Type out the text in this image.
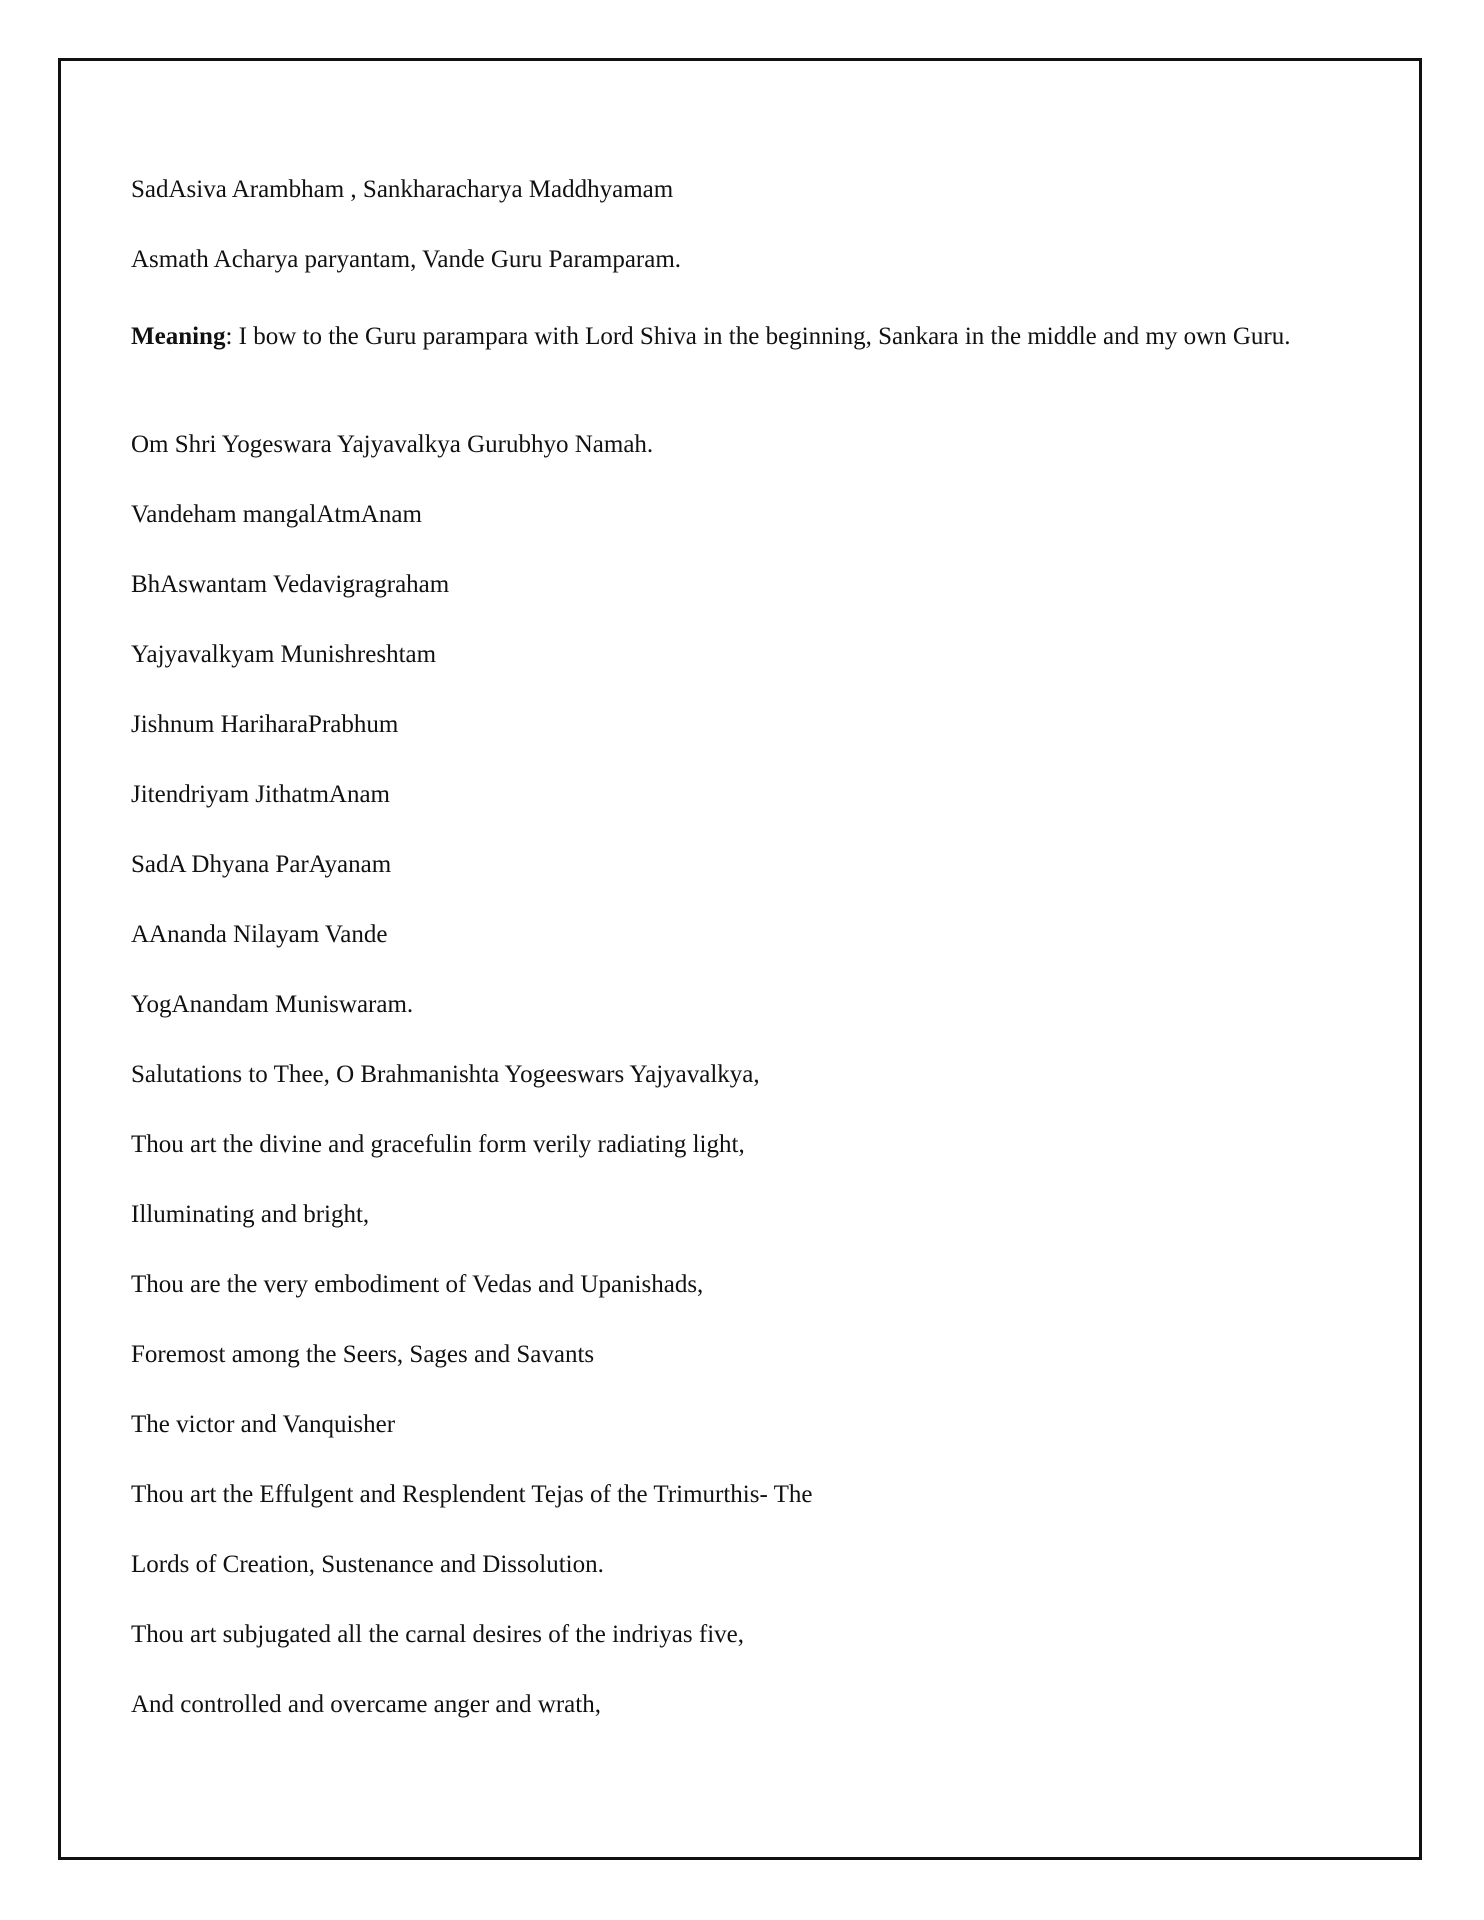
SadAsiva Arambham , Sankharacharya Maddhyamam

Asmath Acharya paryantam, Vande Guru Paramparam.

Meaning: I bow to the Guru parampara with Lord Shiva in the beginning, Sankara in the middle and my own Guru.

Om Shri Yogeswara Yajyavalkya Gurubhyo Namah.

Vandeham mangalAtmAnam

BhAswantam Vedavigragraham

Yajyavalkyam Munishreshtam

Jishnum HariharaPrabhum

Jitendriyam JithatmAnam

SadA Dhyana ParAyanam

AAnanda Nilayam Vande

YogAnandam Muniswaram.

Salutations to Thee, O Brahmanishta Yogeeswars Yajyavalkya,

Thou art the divine and gracefulin form verily radiating light,

Illuminating and bright,

Thou are the very embodiment of Vedas and Upanishads,

Foremost among the Seers, Sages and Savants

The victor and Vanquisher

Thou art the Effulgent and Resplendent Tejas of the Trimurthis- The

Lords of Creation, Sustenance and Dissolution.

Thou art subjugated all the carnal desires of the indriyas five,

And controlled and overcame anger and wrath,
